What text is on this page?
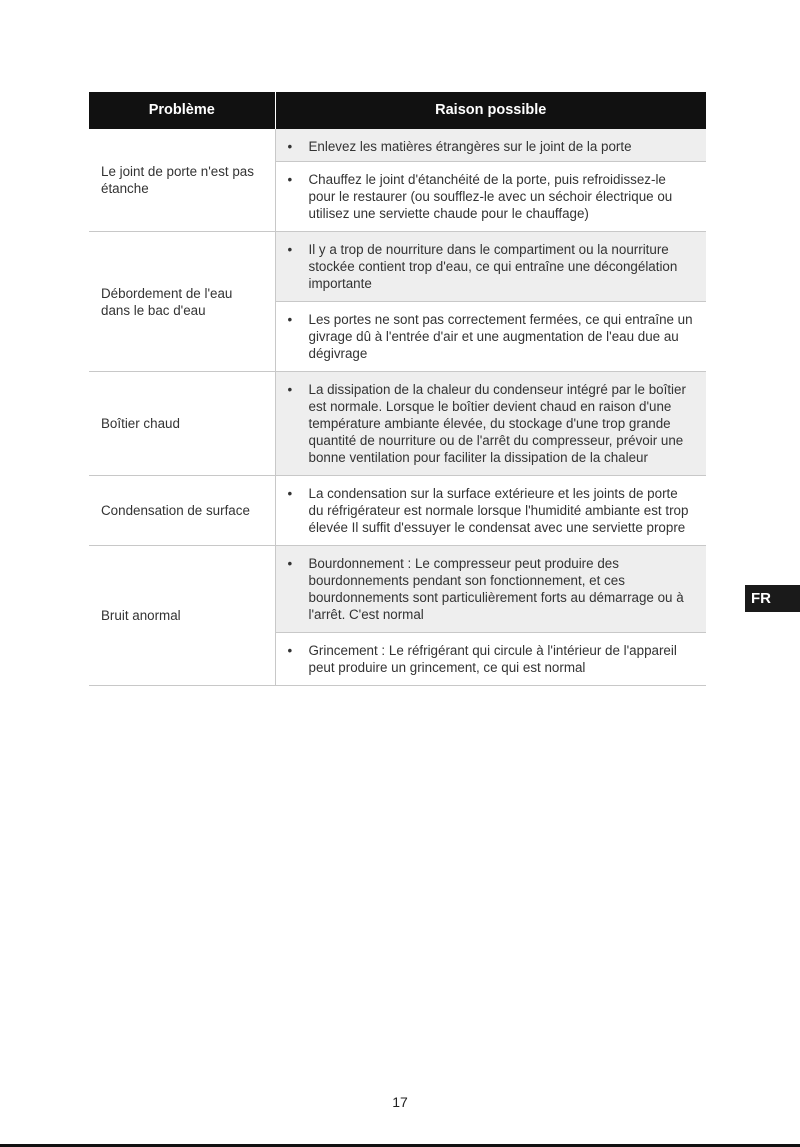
Problème	Raison possible
Le joint de porte n'est pas étanche	• Enlevez les matières étrangères sur le joint de la porte
• Chauffez le joint d'étanchéité de la porte, puis refroidissez-le pour le restaurer (ou soufflez-le avec un séchoir électrique ou utilisez une serviette chaude pour le chauffage)

Débordement de l'eau dans le bac d'eau	• Il y a trop de nourriture dans le compartiment ou la nourriture stockée contient trop d'eau, ce qui entraîne une décongélation importante
• Les portes ne sont pas correctement fermées, ce qui entraîne un givrage dû à l'entrée d'air et une augmentation de l'eau due au dégivrage

Boîtier chaud	• La dissipation de la chaleur du condenseur intégré par le boîtier est normale. Lorsque le boîtier devient chaud en raison d'une température ambiante élevée, du stockage d'une trop grande quantité de nourriture ou de l'arrêt du compresseur, prévoir une bonne ventilation pour faciliter la dissipation de la chaleur

Condensation de surface	• La condensation sur la surface extérieure et les joints de porte du réfrigérateur est normale lorsque l'humidité ambiante est trop élevée Il suffit d'essuyer le condensat avec une serviette propre

Bruit anormal	• Bourdonnement : Le compresseur peut produire des bourdonnements pendant son fonctionnement, et ces bourdonnements sont particulièrement forts au démarrage ou à l'arrêt. C'est normal
• Grincement : Le réfrigérant qui circule à l'intérieur de l'appareil peut produire un grincement, ce qui est normal
FR
17
